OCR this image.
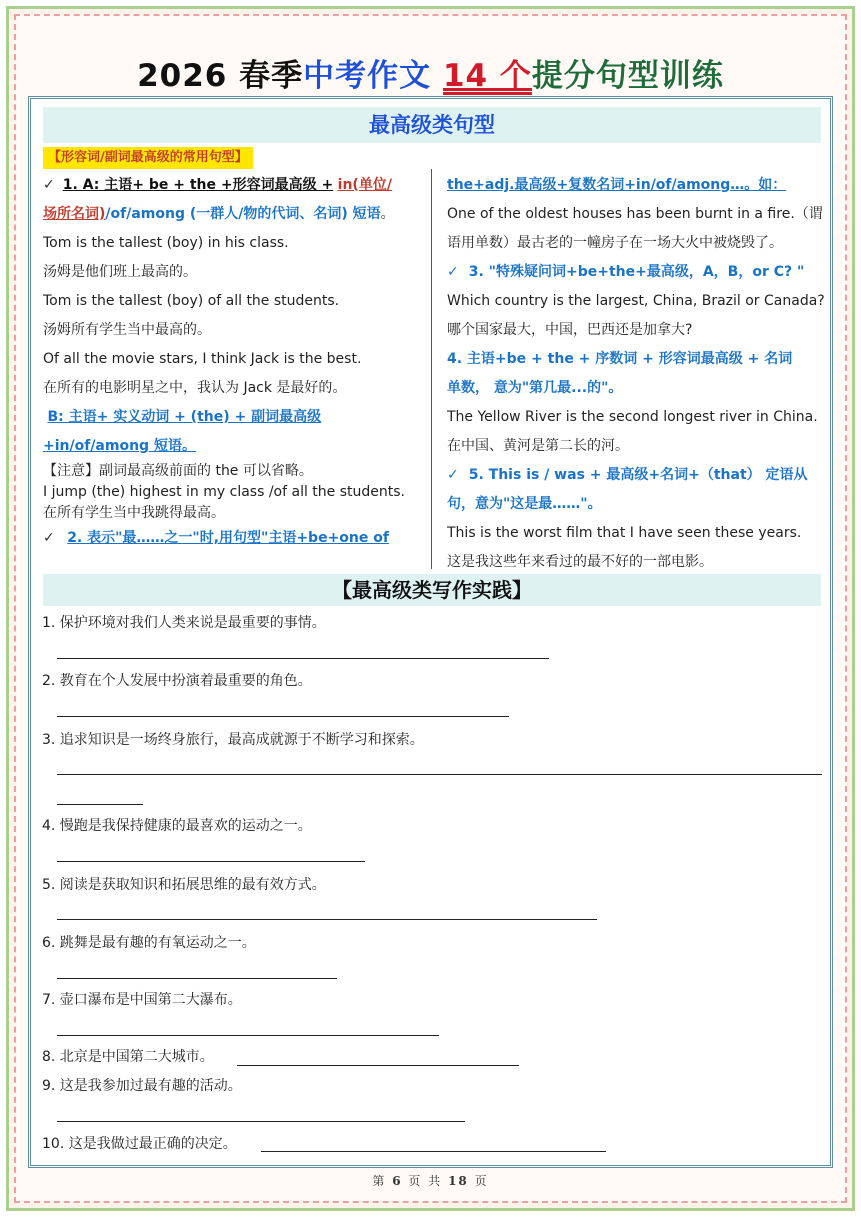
2026 春季中考作文 14 个提分句型训练
最高级类句型
【形容词/副词最高级的常用句型】

✓ 1. A: 主语+ be + the +形容词最高级 + in(单位/

场所名词)/of/among (一群人/物的代词、名词) 短语。

Tom is the tallest (boy) in his class.

汤姆是他们班上最高的。

Tom is the tallest (boy) of all the students.

汤姆所有学生当中最高的。

Of all the movie stars, I think Jack is the best.

在所有的电影明星之中，我认为 Jack 是最好的。

B: 主语+ 实义动词 + (the) + 副词最高级

+in/of/among 短语。

【注意】副词最高级前面的 the 可以省略。

I jump (the) highest in my class /of all the students.

在所有学生当中我跳得最高。

✓ 2. 表示"最……之一"时,用句型"主语+be+one of

the+adj.最高级+复数名词+in/of/among…。如：

One of the oldest houses has been burnt in a fire.（谓

语用单数）最古老的一幢房子在一场大火中被烧毁了。

✓ 3. "特殊疑问词+be+the+最高级，A，B，or C? "

Which country is the largest, China, Brazil or Canada?

哪个国家最大，中国，巴西还是加拿大?

4. 主语+be + the + 序数词 + 形容词最高级 + 名词

单数， 意为"第几最...的"。

The Yellow River is the second longest river in China.

在中国、黄河是第二长的河。

✓ 5. This is / was + 最高级+名词+（that） 定语从

句，意为"这是最……"。

This is the worst film that I have seen these years.

这是我这些年来看过的最不好的一部电影。

【最高级类写作实践】
1. 保护环境对我们人类来说是最重要的事情。
2. 教育在个人发展中扮演着最重要的角色。
3. 追求知识是一场终身旅行，最高成就源于不断学习和探索。
4. 慢跑是我保持健康的最喜欢的运动之一。
5. 阅读是获取知识和拓展思维的最有效方式。
6. 跳舞是最有趣的有氧运动之一。
7. 壶口瀑布是中国第二大瀑布。
8. 北京是中国第二大城市。
9. 这是我参加过最有趣的活动。
10. 这是我做过最正确的决定。
第 6 页 共 18 页
